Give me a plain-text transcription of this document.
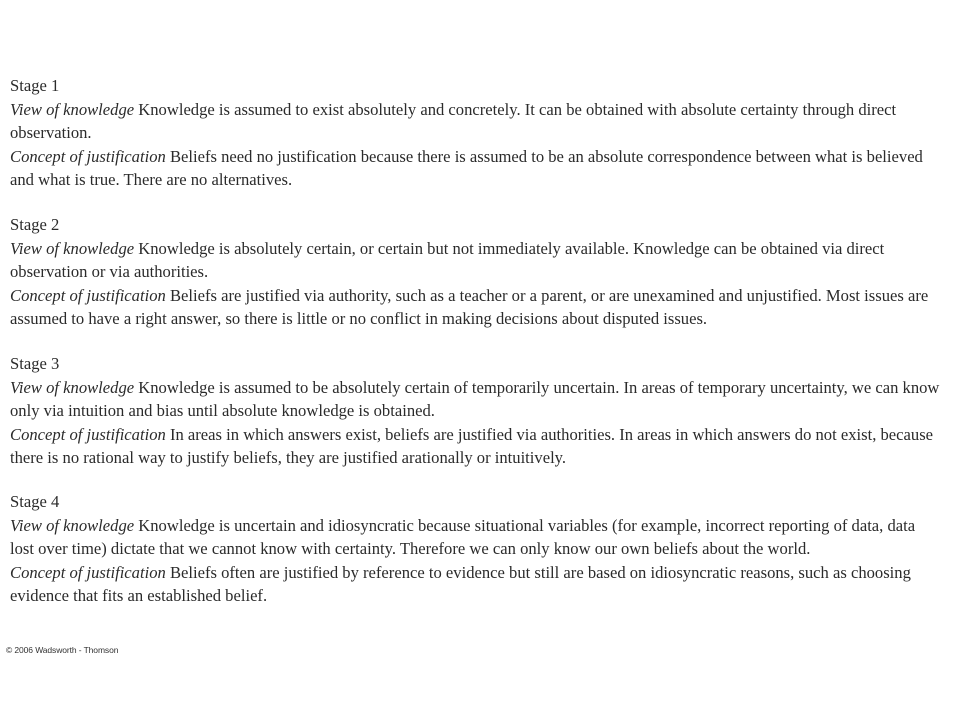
Stage 1

View of knowledge Knowledge is assumed to exist absolutely and concretely. It can be obtained with absolute certainty through direct observation.

Concept of justification Beliefs need no justification because there is assumed to be an absolute correspondence between what is believed and what is true. There are no alternatives.

Stage 2

View of knowledge Knowledge is absolutely certain, or certain but not immediately available. Knowledge can be obtained via direct observation or via authorities.

Concept of justification Beliefs are justified via authority, such as a teacher or a parent, or are unexamined and unjustified. Most issues are assumed to have a right answer, so there is little or no conflict in making decisions about disputed issues.

Stage 3

View of knowledge Knowledge is assumed to be absolutely certain of temporarily uncertain. In areas of temporary uncertainty, we can know only via intuition and bias until absolute knowledge is obtained.

Concept of justification In areas in which answers exist, beliefs are justified via authorities. In areas in which answers do not exist, because there is no rational way to justify beliefs, they are justified arationally or intuitively.

Stage 4

View of knowledge Knowledge is uncertain and idiosyncratic because situational variables (for example, incorrect reporting of data, data lost over time) dictate that we cannot know with certainty. Therefore we can only know our own beliefs about the world.

Concept of justification Beliefs often are justified by reference to evidence but still are based on idiosyncratic reasons, such as choosing evidence that fits an established belief.

© 2006 Wadsworth - Thomson
